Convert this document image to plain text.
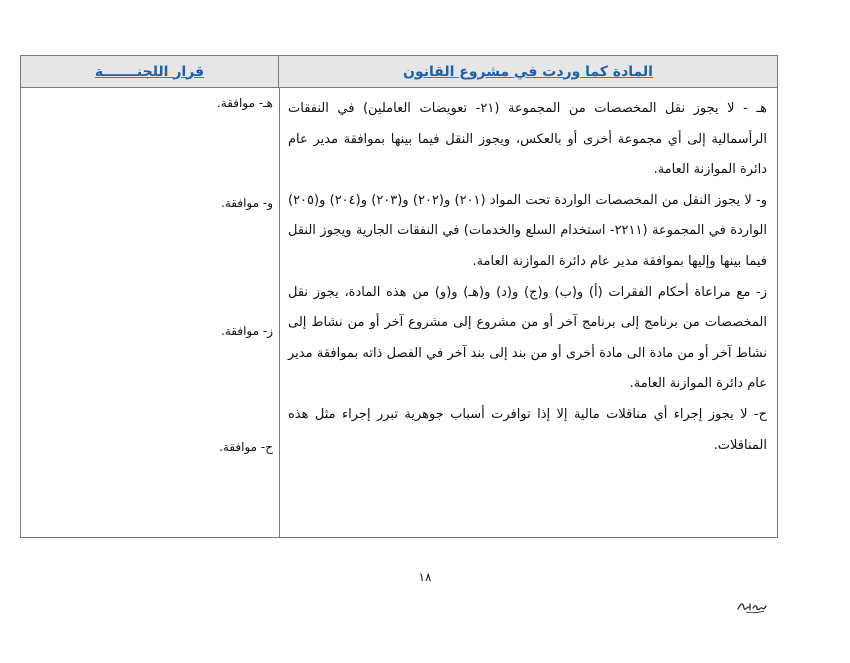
المادة كما وردت في مشروع القانون
قرار اللجنـــــــة

هـ - لا يجوز نقل المخصصات من المجموعة (٢١- تعويضات العاملين) في النفقات الرأسمالية إلى أي مجموعة أخرى أو بالعكس، ويجوز النقل فيما بينها بموافقة مدير عام دائرة الموازنة العامة.

و- لا يجوز النقل من المخصصات الواردة تحت المواد (٢٠١) و(٢٠٢) و(٢٠٣) و(٢٠٤) و(٢٠٥) الواردة في المجموعة (٢٢١١- استخدام السلع والخدمات) في النفقات الجارية ويجوز النقل فيما بينها وإليها بموافقة مدير عام دائرة الموازنة العامة.

ز- مع مراعاة أحكام الفقرات (أ) و(ب) و(ج) و(د) و(هـ) و(و) من هذه المادة، يجوز نقل المخصصات من برنامج إلى برنامج آخر أو من مشروع إلى مشروع آخر أو من نشاط إلى نشاط آخر أو من مادة الى مادة أخرى أو من بند إلى بند آخر في الفصل ذاته بموافقة مدير عام دائرة الموازنة العامة.

ح- لا يجوز إجراء أي مناقلات مالية إلا إذا توافرت أسباب جوهرية تبرر إجراء مثل هذه المناقلات.

هـ- موافقة.
و- موافقة.
ز- موافقة.
ح- موافقة.
١٨
